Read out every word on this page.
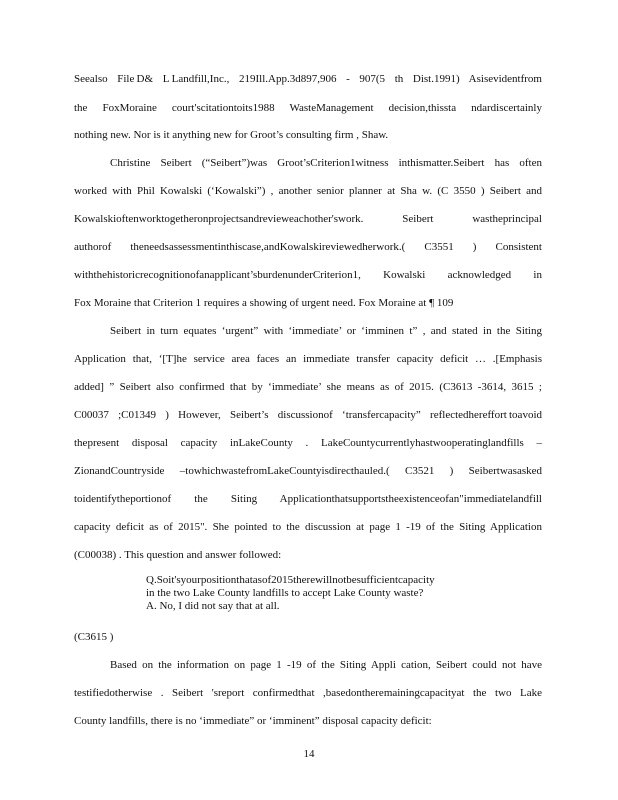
Seealso File D& L Landfill,Inc., 219Ill.App.3d897,906 - 907(5 th Dist.1991) Asisevidentfrom
the FoxMoraine court'scitationtoits1988 WasteManagement decision,thissta ndardiscertainly
nothing new. Nor is it anything new for Groot’s consulting firm , Shaw.
Christine Seibert (“Seibert”)was Groot’sCriterion1witness inthismatter.Seibert has often
worked with Phil Kowalski (‘Kowalski”) , another senior planner at Sha w. (C 3550 ) Seibert and
Kowalskioftenworktogetheronprojectsandrevieweachother'swork. Seibert wastheprincipal
authorof theneedsassessmentinthiscase,andKowalskireviewedherwork.( C3551 ) Consistent
withthehistoricrecognitionofanapplicant’sburdenunderCriterion1, Kowalski acknowledged in
Fox Moraine that Criterion 1 requires a showing of urgent need. Fox Moraine at ¶ 109
Seibert in turn equates ‘urgent” with ‘immediate’ or ‘imminen t” , and stated in the Siting
Application that, ‘[T]he service area faces an immediate transfer capacity deficit … .[Emphasis
added] ” Seibert also confirmed that by ‘immediate’ she means as of 2015. (C3613 -3614, 3615 ;
C00037 ;C01349 ) However, Seibert’s discussionof ‘transfercapacity” reflectedhereffort toavoid
thepresent disposal capacity inLakeCounty . LakeCountycurrentlyhastwooperatinglandfills –
ZionandCountryside –towhichwastefromLakeCountyisdirecthauled.( C3521 ) Seibertwasasked
toidentifytheportionof the Siting Applicationthatsupportstheexistenceofan"immediatelandfill
capacity deficit as of 2015". She pointed to the discussion at page 1 -19 of the Siting Application
(C00038) . This question and answer followed:
Q.Soit'syourpositionthatasof2015therewillnotbesufficientcapacity
in the two Lake County landfills to accept Lake County waste?
A. No, I did not say that at all.
(C3615 )
Based on the information on page 1 -19 of the Siting Appli cation, Seibert could not have
testifiedotherwise . Seibert 'sreport confirmedthat ,basedontheremainingcapacityat the two Lake
County landfills, there is no ‘immediate” or ‘imminent” disposal capacity deficit:
14
